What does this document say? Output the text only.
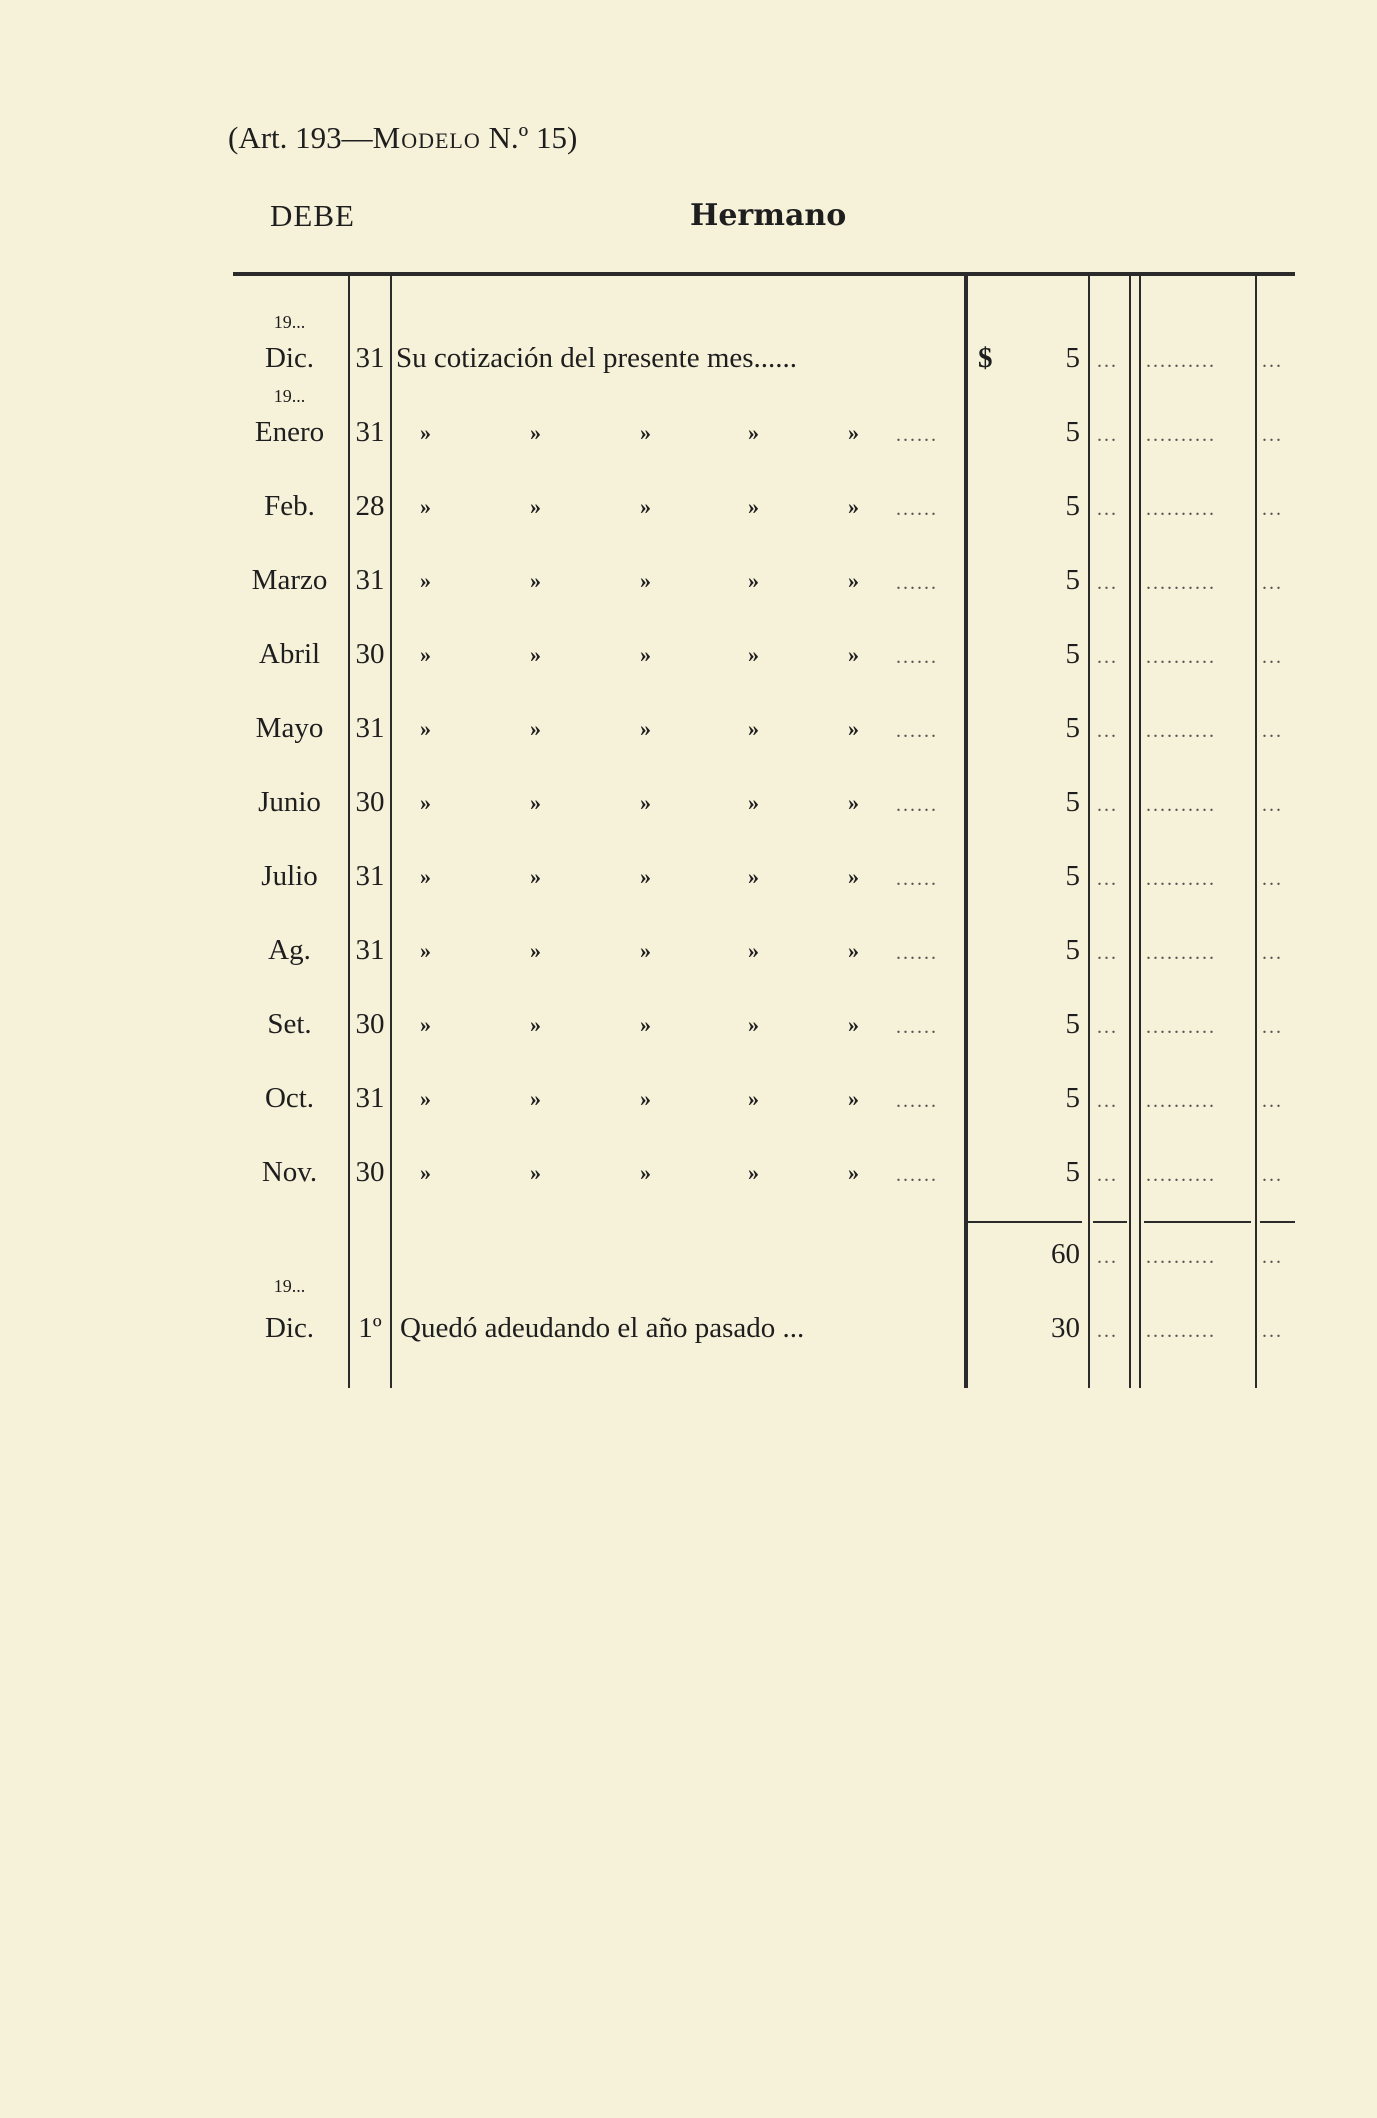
(Art. 193—Modelo N.º 15)
DEBE	Hermano
19...
Dic.	31 Su cotización del presente mes......	$	5 ... .......... ...
19...
Enero	31 »	»	»	»	» ......	5 ... .......... ...
Feb.	28 »	»	»	»	» ......	5 ... .......... ...
Marzo 31 »	»	»	»	» ......	5 ... .......... ...
Abril	30 »	»	»	»	» ......	5 ... .......... ...
Mayo	31 »	»	»	»	» ......	5 ... .......... ...
Junio	30 »	»	»	»	» ......	5 ... .......... ...
Julio	31 »	»	»	»	» ......	5 ... .......... ...
Ag.	31 »	»	»	»	» ......	5 ... .......... ...
Set.	30 »	»	»	»	» ......	5 ... .......... ...
Oct.	31 »	»	»	»	» ......	5 ... .......... ...
Nov.	30 »	»	»	»	» ......	5 ... .......... ...
60 ... .......... ...
19...
Dic.	1º Quedó adeudando el año pasado ...	30 ... .......... ...
